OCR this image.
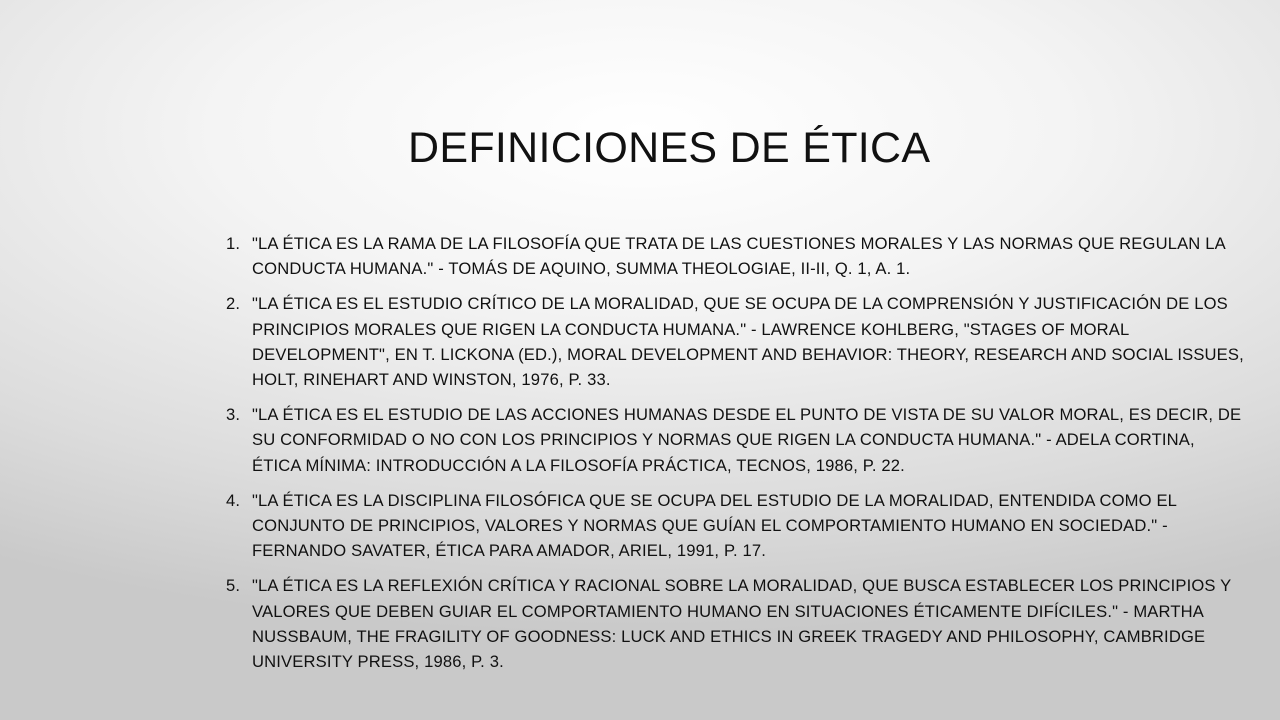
DEFINICIONES DE ÉTICA
1. "LA ÉTICA ES LA RAMA DE LA FILOSOFÍA QUE TRATA DE LAS CUESTIONES MORALES Y LAS NORMAS QUE REGULAN LA CONDUCTA HUMANA." - TOMÁS DE AQUINO, SUMMA THEOLOGIAE, II-II, Q. 1, A. 1.
2. "LA ÉTICA ES EL ESTUDIO CRÍTICO DE LA MORALIDAD, QUE SE OCUPA DE LA COMPRENSIÓN Y JUSTIFICACIÓN DE LOS PRINCIPIOS MORALES QUE RIGEN LA CONDUCTA HUMANA." - LAWRENCE KOHLBERG, "STAGES OF MORAL DEVELOPMENT", EN T. LICKONA (ED.), MORAL DEVELOPMENT AND BEHAVIOR: THEORY, RESEARCH AND SOCIAL ISSUES, HOLT, RINEHART AND WINSTON, 1976, P. 33.
3. "LA ÉTICA ES EL ESTUDIO DE LAS ACCIONES HUMANAS DESDE EL PUNTO DE VISTA DE SU VALOR MORAL, ES DECIR, DE SU CONFORMIDAD O NO CON LOS PRINCIPIOS Y NORMAS QUE RIGEN LA CONDUCTA HUMANA." - ADELA CORTINA, ÉTICA MÍNIMA: INTRODUCCIÓN A LA FILOSOFÍA PRÁCTICA, TECNOS, 1986, P. 22.
4. "LA ÉTICA ES LA DISCIPLINA FILOSÓFICA QUE SE OCUPA DEL ESTUDIO DE LA MORALIDAD, ENTENDIDA COMO EL CONJUNTO DE PRINCIPIOS, VALORES Y NORMAS QUE GUÍAN EL COMPORTAMIENTO HUMANO EN SOCIEDAD." - FERNANDO SAVATER, ÉTICA PARA AMADOR, ARIEL, 1991, P. 17.
5. "LA ÉTICA ES LA REFLEXIÓN CRÍTICA Y RACIONAL SOBRE LA MORALIDAD, QUE BUSCA ESTABLECER LOS PRINCIPIOS Y VALORES QUE DEBEN GUIAR EL COMPORTAMIENTO HUMANO EN SITUACIONES ÉTICAMENTE DIFÍCILES." - MARTHA NUSSBAUM, THE FRAGILITY OF GOODNESS: LUCK AND ETHICS IN GREEK TRAGEDY AND PHILOSOPHY, CAMBRIDGE UNIVERSITY PRESS, 1986, P. 3.
